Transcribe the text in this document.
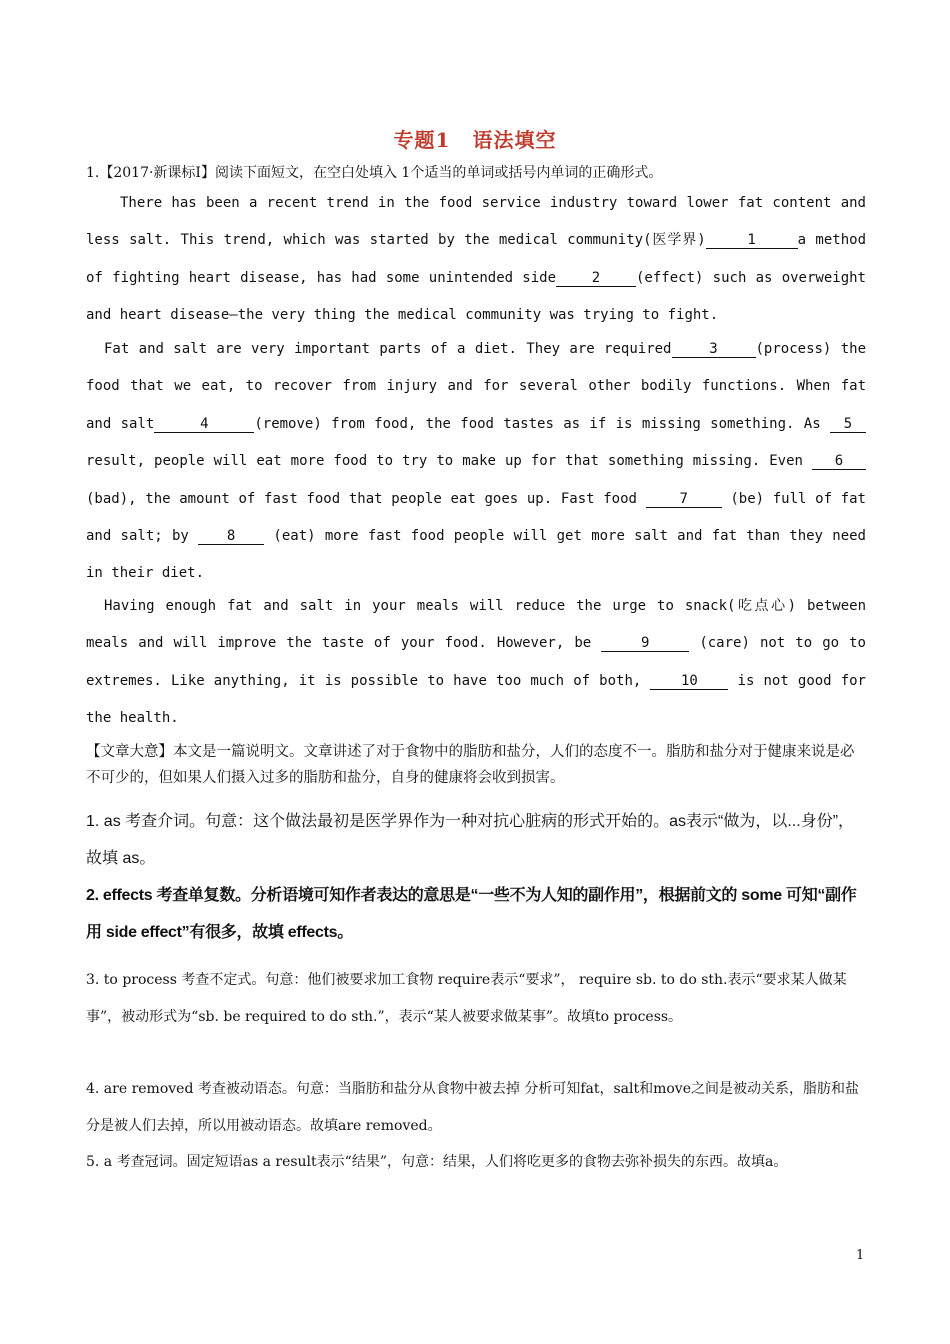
专题1 语法填空
1.【2017·新课标Ⅰ】阅读下面短文，在空白处填入 1个适当的单词或括号内单词的正确形式。
There has been a recent trend in the food service industry toward lower fat content and less salt. This trend, which was started by the medical community(医学界)	1	a method of fighting heart disease, has had some unintended side	2	(effect) such as overweight and heart disease—the very thing the medical community was trying to fight.
Fat and salt are very important parts of a diet. They are required	3	(process) the food that we eat, to recover from injury and for several other bodily functions. When fat and salt	4	(remove) from food, the food tastes as if is missing something. As 5 result, people will eat more food to try to make up for that something missing. Even 6 (bad), the amount of fast food that people eat goes up. Fast food	7	(be) full of fat and salt; by	8	(eat) more fast food people will get more salt and fat than they need in their diet.
Having enough fat and salt in your meals will reduce the urge to snack(吃点心) between meals and will improve the taste of your food. However, be	9	(care) not to go to extremes. Like anything, it is possible to have too much of both,	10	is not good for the health.
【文章大意】本文是一篇说明文。文章讲述了对于食物中的脂肪和盐分，人们的态度不一。脂肪和盐分对于健康来说是必不可少的，但如果人们摄入过多的脂肪和盐分，自身的健康将会收到损害。
1. as 考查介词。句意：这个做法最初是医学界作为一种对抗心脏病的形式开始的。as表示“做为，以...身份”，故填 as。
2. effects 考查单复数。分析语境可知作者表达的意思是“一些不为人知的副作用”，根据前文的 some 可知“副作用 side effect”有很多，故填 effects。
3. to process 考查不定式。句意：他们被要求加工食物 require表示“要求”， require sb. to do sth.表示“要求某人做某事”，被动形式为“sb. be required to do sth.”，表示“某人被要求做某事”。故填to process。
4. are removed 考查被动语态。句意：当脂肪和盐分从食物中被去掉 分析可知fat，salt和move之间是被动关系，脂肪和盐分是被人们去掉，所以用被动语态。故填are removed。
5. a 考查冠词。固定短语as a result表示“结果”，句意：结果，人们将吃更多的食物去弥补损失的东西。故填a。
1
